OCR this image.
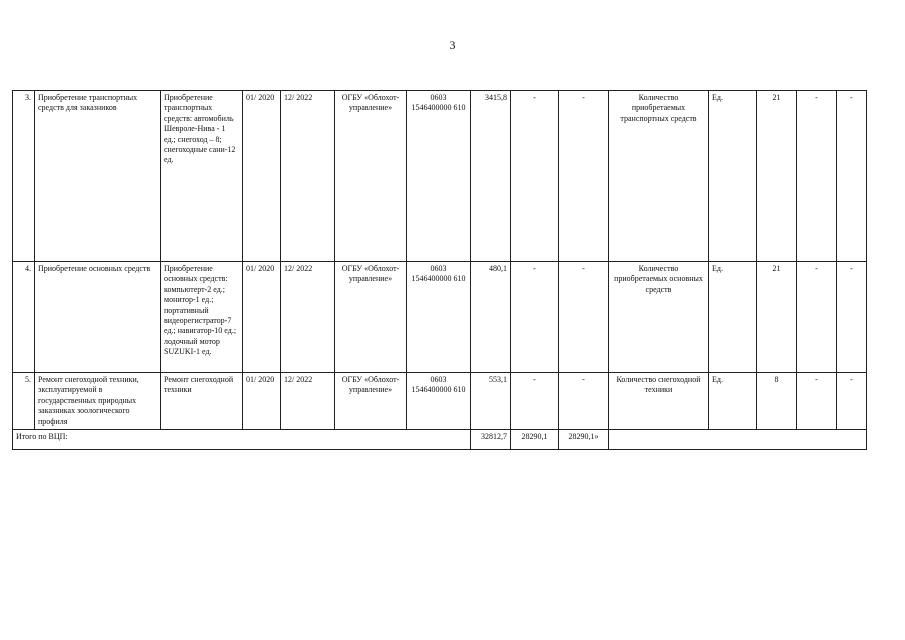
3
3.	Приобретение транспортных средств для заказников	Приобретение транспортных средств: автомобиль Шевроле-Нива - 1 ед.; снегоход – 8; снегоходные сани-12 ед.	01/ 2020	12/ 2022	ОГБУ «Облохот-управление»	0603 1546400000 610	3415,8	-	-	Количество приобретаемых транспортных средств	Ед.	21	-	-
4.	Приобретение основных средств	Приобретение основных средств: компьютерт-2 ед.; монитор-1 ед.; портативный видеорегистратор-7 ед.; навигатор-10 ед.; лодочный мотор SUZUKI-1 ед.	01/ 2020	12/ 2022	ОГБУ «Облохот-управление»	0603 1546400000 610	480,1	-	-	Количество приобретаемых основных средств	Ед.	21	-	-
5.	Ремонт снегоходной техники, эксплуатируемой в государственных природных заказниках зоологического профиля	Ремонт снегоходной техники	01/ 2020	12/ 2022	ОГБУ «Облохот-управление»	0603 1546400000 610	553,1	-	-	Количество снегоходной техники	Ед.	8	-	-
Итого по ВЦП:							32812,7	28290,1	28290,1»					
